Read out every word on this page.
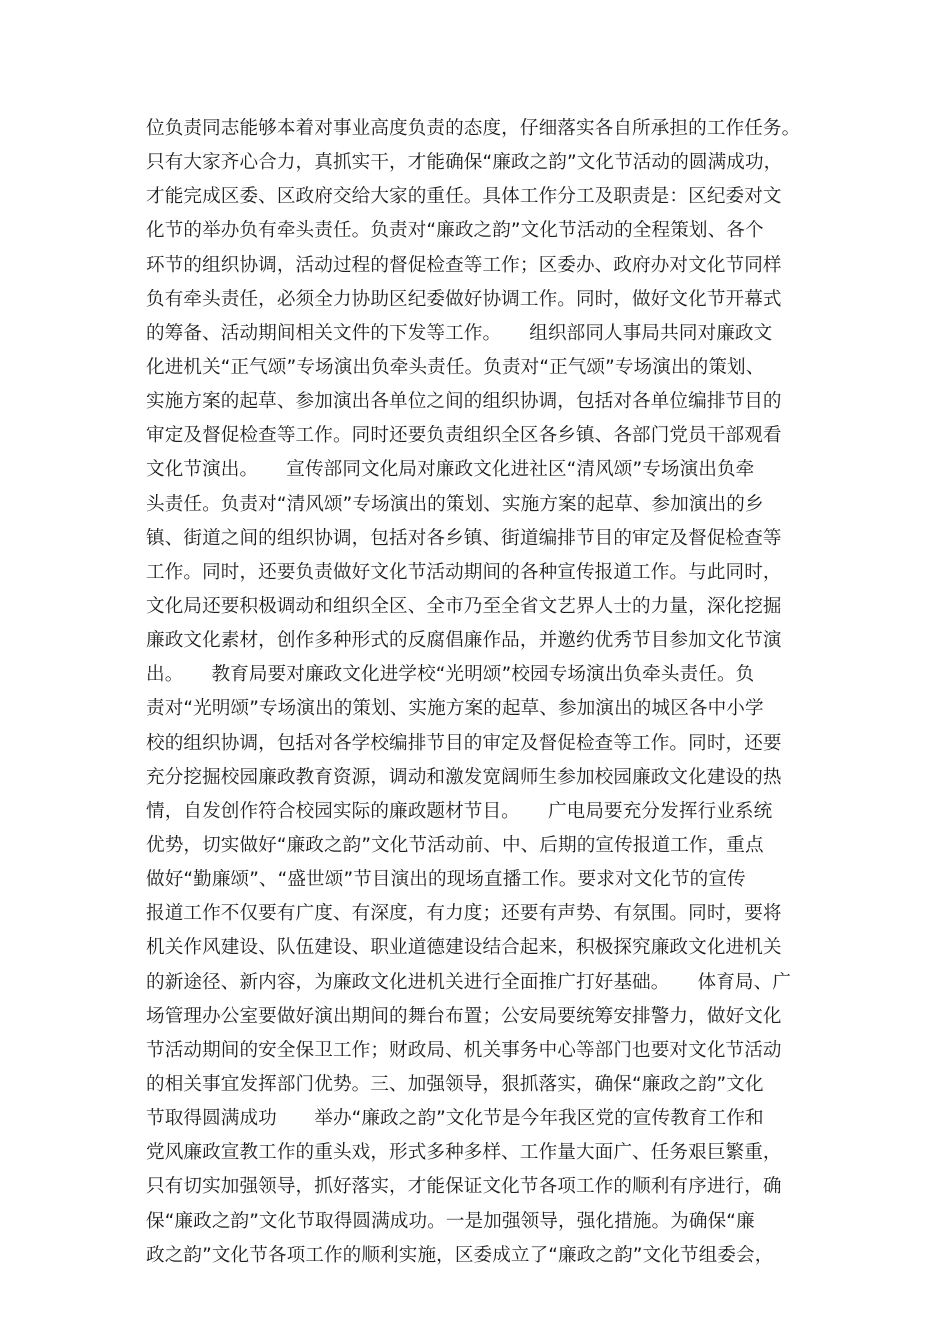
位负责同志能够本着对事业高度负责的态度，仔细落实各自所承担的工作任务。
只有大家齐心合力，真抓实干，才能确保“廉政之韵”文化节活动的圆满成功，
才能完成区委、区政府交给大家的重任。具体工作分工及职责是：区纪委对文
化节的举办负有牵头责任。负责对“廉政之韵”文化节活动的全程策划、各个
环节的组织协调，活动过程的督促检查等工作；区委办、政府办对文化节同样
负有牵头责任，必须全力协助区纪委做好协调工作。同时，做好文化节开幕式
的筹备、活动期间相关文件的下发等工作。　　组织部同人事局共同对廉政文
化进机关“正气颂”专场演出负牵头责任。负责对“正气颂”专场演出的策划、
实施方案的起草、参加演出各单位之间的组织协调，包括对各单位编排节目的
审定及督促检查等工作。同时还要负责组织全区各乡镇、各部门党员干部观看
文化节演出。　　宣传部同文化局对廉政文化进社区“清风颂”专场演出负牵
头责任。负责对“清风颂”专场演出的策划、实施方案的起草、参加演出的乡
镇、街道之间的组织协调，包括对各乡镇、街道编排节目的审定及督促检查等
工作。同时，还要负责做好文化节活动期间的各种宣传报道工作。与此同时，
文化局还要积极调动和组织全区、全市乃至全省文艺界人士的力量，深化挖掘
廉政文化素材，创作多种形式的反腐倡廉作品，并邀约优秀节目参加文化节演
出。　　教育局要对廉政文化进学校“光明颂”校园专场演出负牵头责任。负
责对“光明颂”专场演出的策划、实施方案的起草、参加演出的城区各中小学
校的组织协调，包括对各学校编排节目的审定及督促检查等工作。同时，还要
充分挖掘校园廉政教育资源，调动和激发宽阔师生参加校园廉政文化建设的热
情，自发创作符合校园实际的廉政题材节目。　　广电局要充分发挥行业系统
优势，切实做好“廉政之韵”文化节活动前、中、后期的宣传报道工作，重点
做好“勤廉颂”、“盛世颂”节目演出的现场直播工作。要求对文化节的宣传
报道工作不仅要有广度、有深度，有力度；还要有声势、有氛围。同时，要将
机关作风建设、队伍建设、职业道德建设结合起来，积极探究廉政文化进机关
的新途径、新内容，为廉政文化进机关进行全面推广打好基础。　　体育局、广
场管理办公室要做好演出期间的舞台布置；公安局要统筹安排警力，做好文化
节活动期间的安全保卫工作；财政局、机关事务中心等部门也要对文化节活动
的相关事宜发挥部门优势。三、加强领导，狠抓落实，确保“廉政之韵”文化
节取得圆满成功　　举办“廉政之韵”文化节是今年我区党的宣传教育工作和
党风廉政宣教工作的重头戏，形式多种多样、工作量大面广、任务艰巨繁重，
只有切实加强领导，抓好落实，才能保证文化节各项工作的顺利有序进行，确
保“廉政之韵”文化节取得圆满成功。一是加强领导，强化措施。为确保“廉
政之韵”文化节各项工作的顺利实施，区委成立了“廉政之韵”文化节组委会，
